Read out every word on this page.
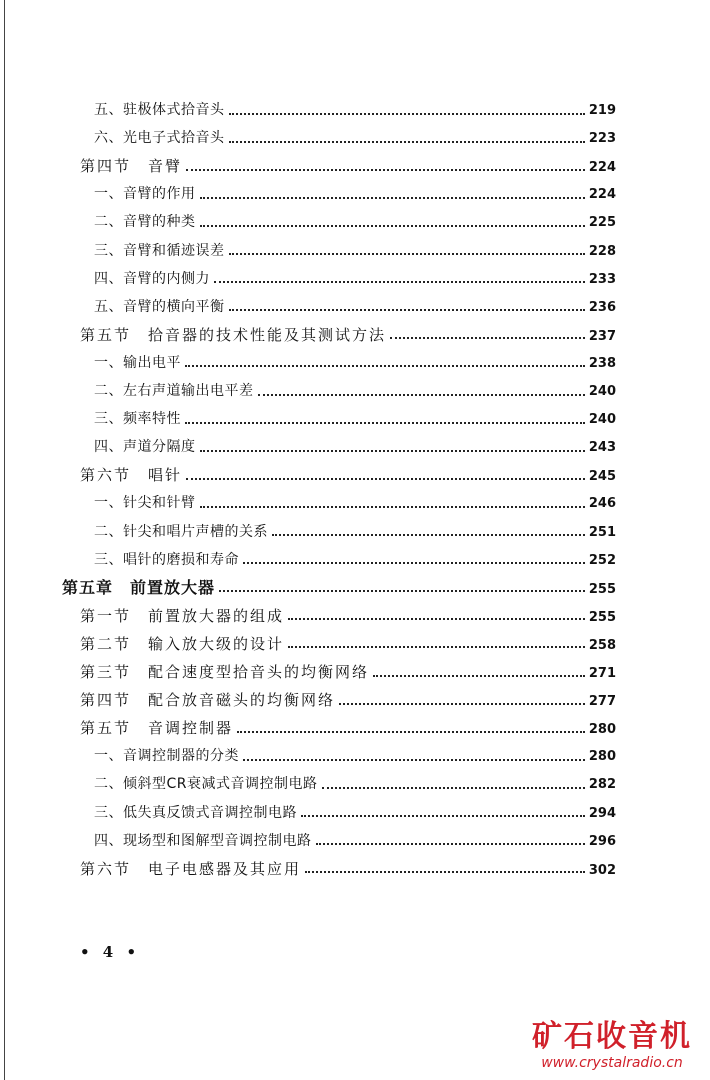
五、驻极体式拾音头	219
六、光电子式拾音头	223
第四节　音臂	224
一、音臂的作用	224
二、音臂的种类	225
三、音臂和循迹误差	228
四、音臂的内侧力	233
五、音臂的横向平衡	236
第五节　拾音器的技术性能及其测试方法	237
一、输出电平	238
二、左右声道输出电平差	240
三、频率特性	240
四、声道分隔度	243
第六节　唱针	245
一、针尖和针臂	246
二、针尖和唱片声槽的关系	251
三、唱针的磨损和寿命	252
第五章　前置放大器	255
第一节　前置放大器的组成	255
第二节　输入放大级的设计	258
第三节　配合速度型拾音头的均衡网络	271
第四节　配合放音磁头的均衡网络	277
第五节　音调控制器	280
一、音调控制器的分类	280
二、倾斜型CR衰减式音调控制电路	282
三、低失真反馈式音调控制电路	294
四、现场型和图解型音调控制电路	296
第六节　电子电感器及其应用	302
• 4 •
矿石收音机
www.crystalradio.cn
